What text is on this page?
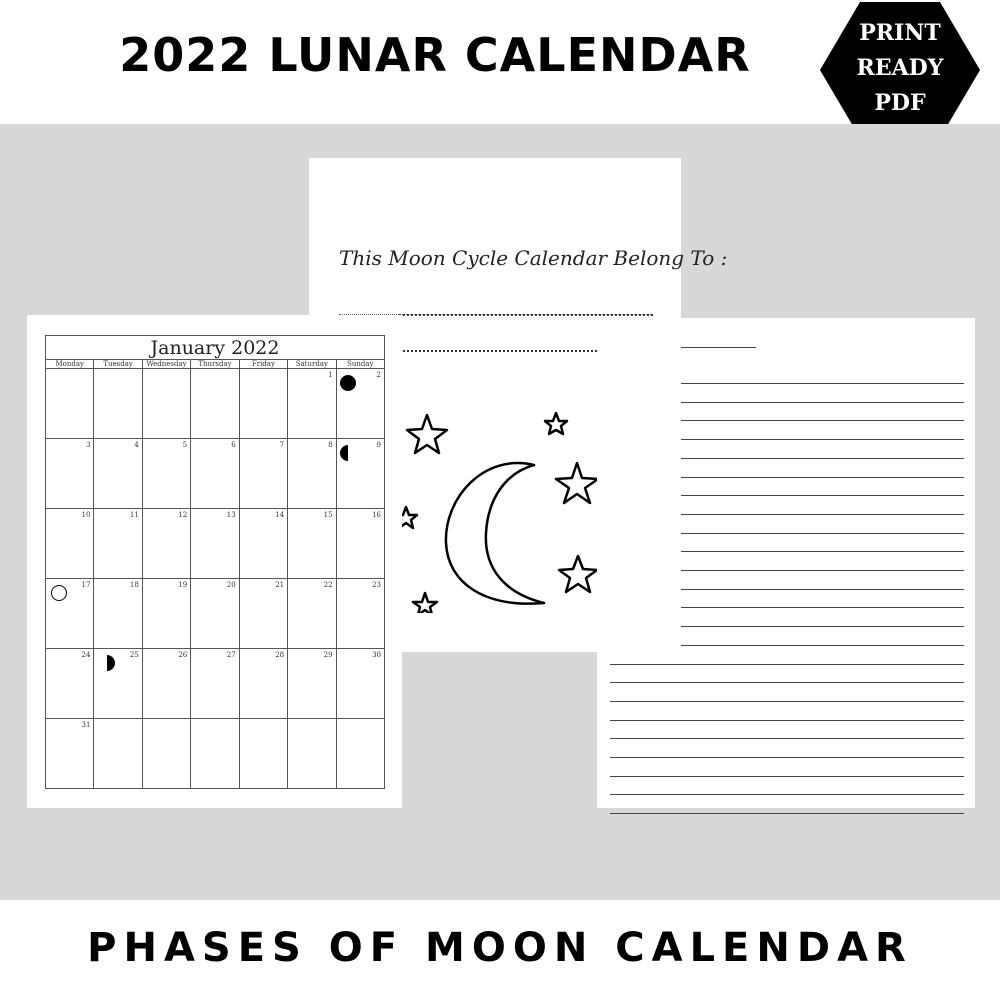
2022 LUNAR CALENDAR	PRINT
READY
PDF
This Moon Cycle Calendar Belong To :
January 2022
Monday	Tuesday	Wednesday	Thursday	Friday	Saturday	Sunday

					1	2

3	4	5	6	7	8	9

10	11	12	13	14	15	16

17	18	19	20	21	22	23

24	25	26	27	28	29	30

31						

PHASES OF MOON CALENDAR
